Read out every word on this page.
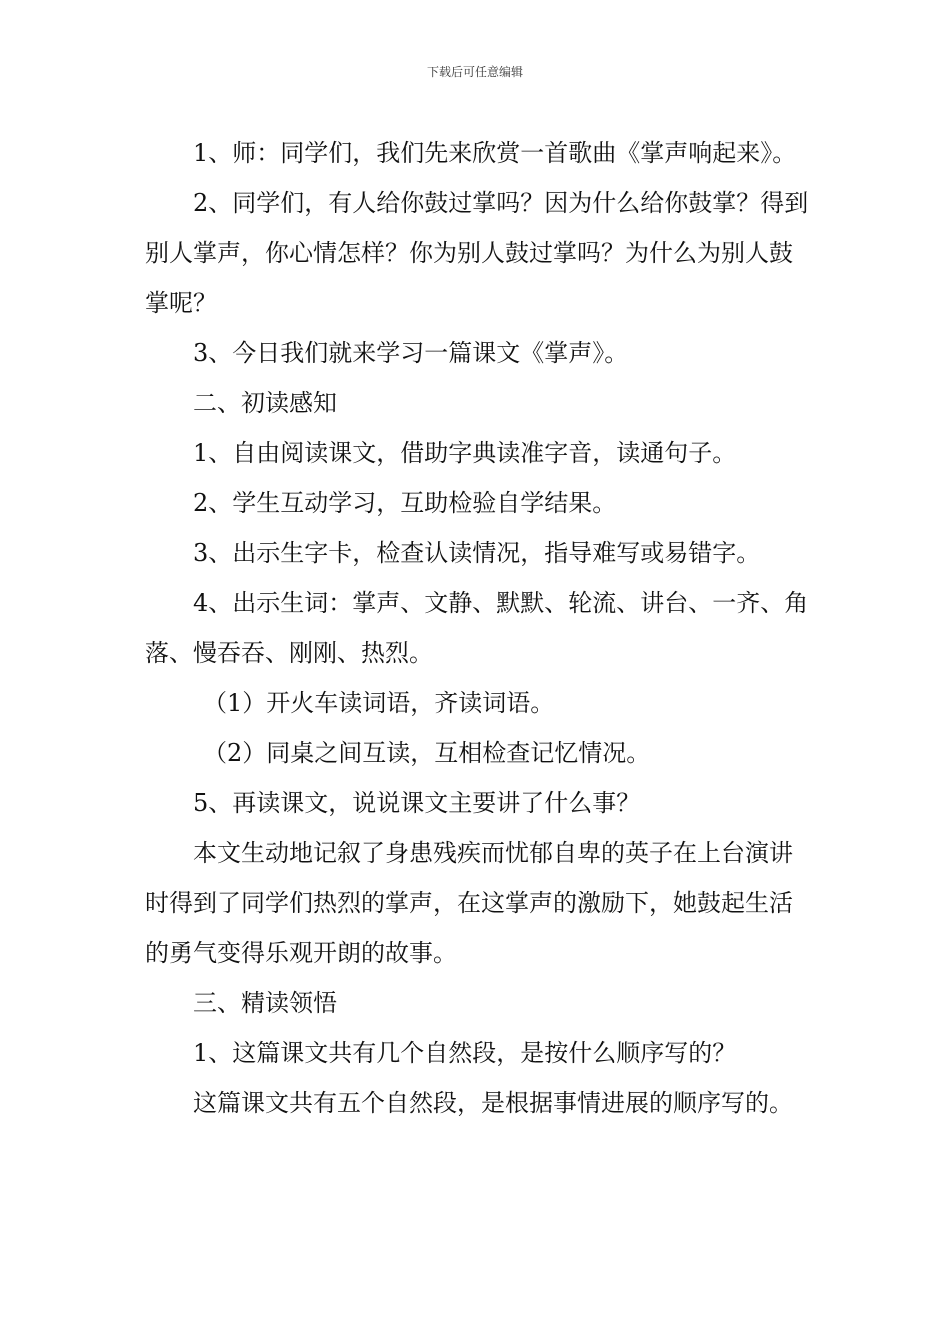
下载后可任意编辑

1、师：同学们，我们先来欣赏一首歌曲《掌声响起来》。

2、同学们，有人给你鼓过掌吗？因为什么给你鼓掌？得到别人掌声，你心情怎样？你为别人鼓过掌吗？为什么为别人鼓掌呢？

3、今日我们就来学习一篇课文《掌声》。

二、初读感知

1、自由阅读课文，借助字典读准字音，读通句子。

2、学生互动学习，互助检验自学结果。

3、出示生字卡，检查认读情况，指导难写或易错字。

4、出示生词：掌声、文静、默默、轮流、讲台、一齐、角落、慢吞吞、刚刚、热烈。

（1）开火车读词语，齐读词语。

（2）同桌之间互读，互相检查记忆情况。

5、再读课文，说说课文主要讲了什么事？

本文生动地记叙了身患残疾而忧郁自卑的英子在上台演讲时得到了同学们热烈的掌声，在这掌声的激励下，她鼓起生活的勇气变得乐观开朗的故事。

三、精读领悟

1、这篇课文共有几个自然段，是按什么顺序写的？

这篇课文共有五个自然段，是根据事情进展的顺序写的。
